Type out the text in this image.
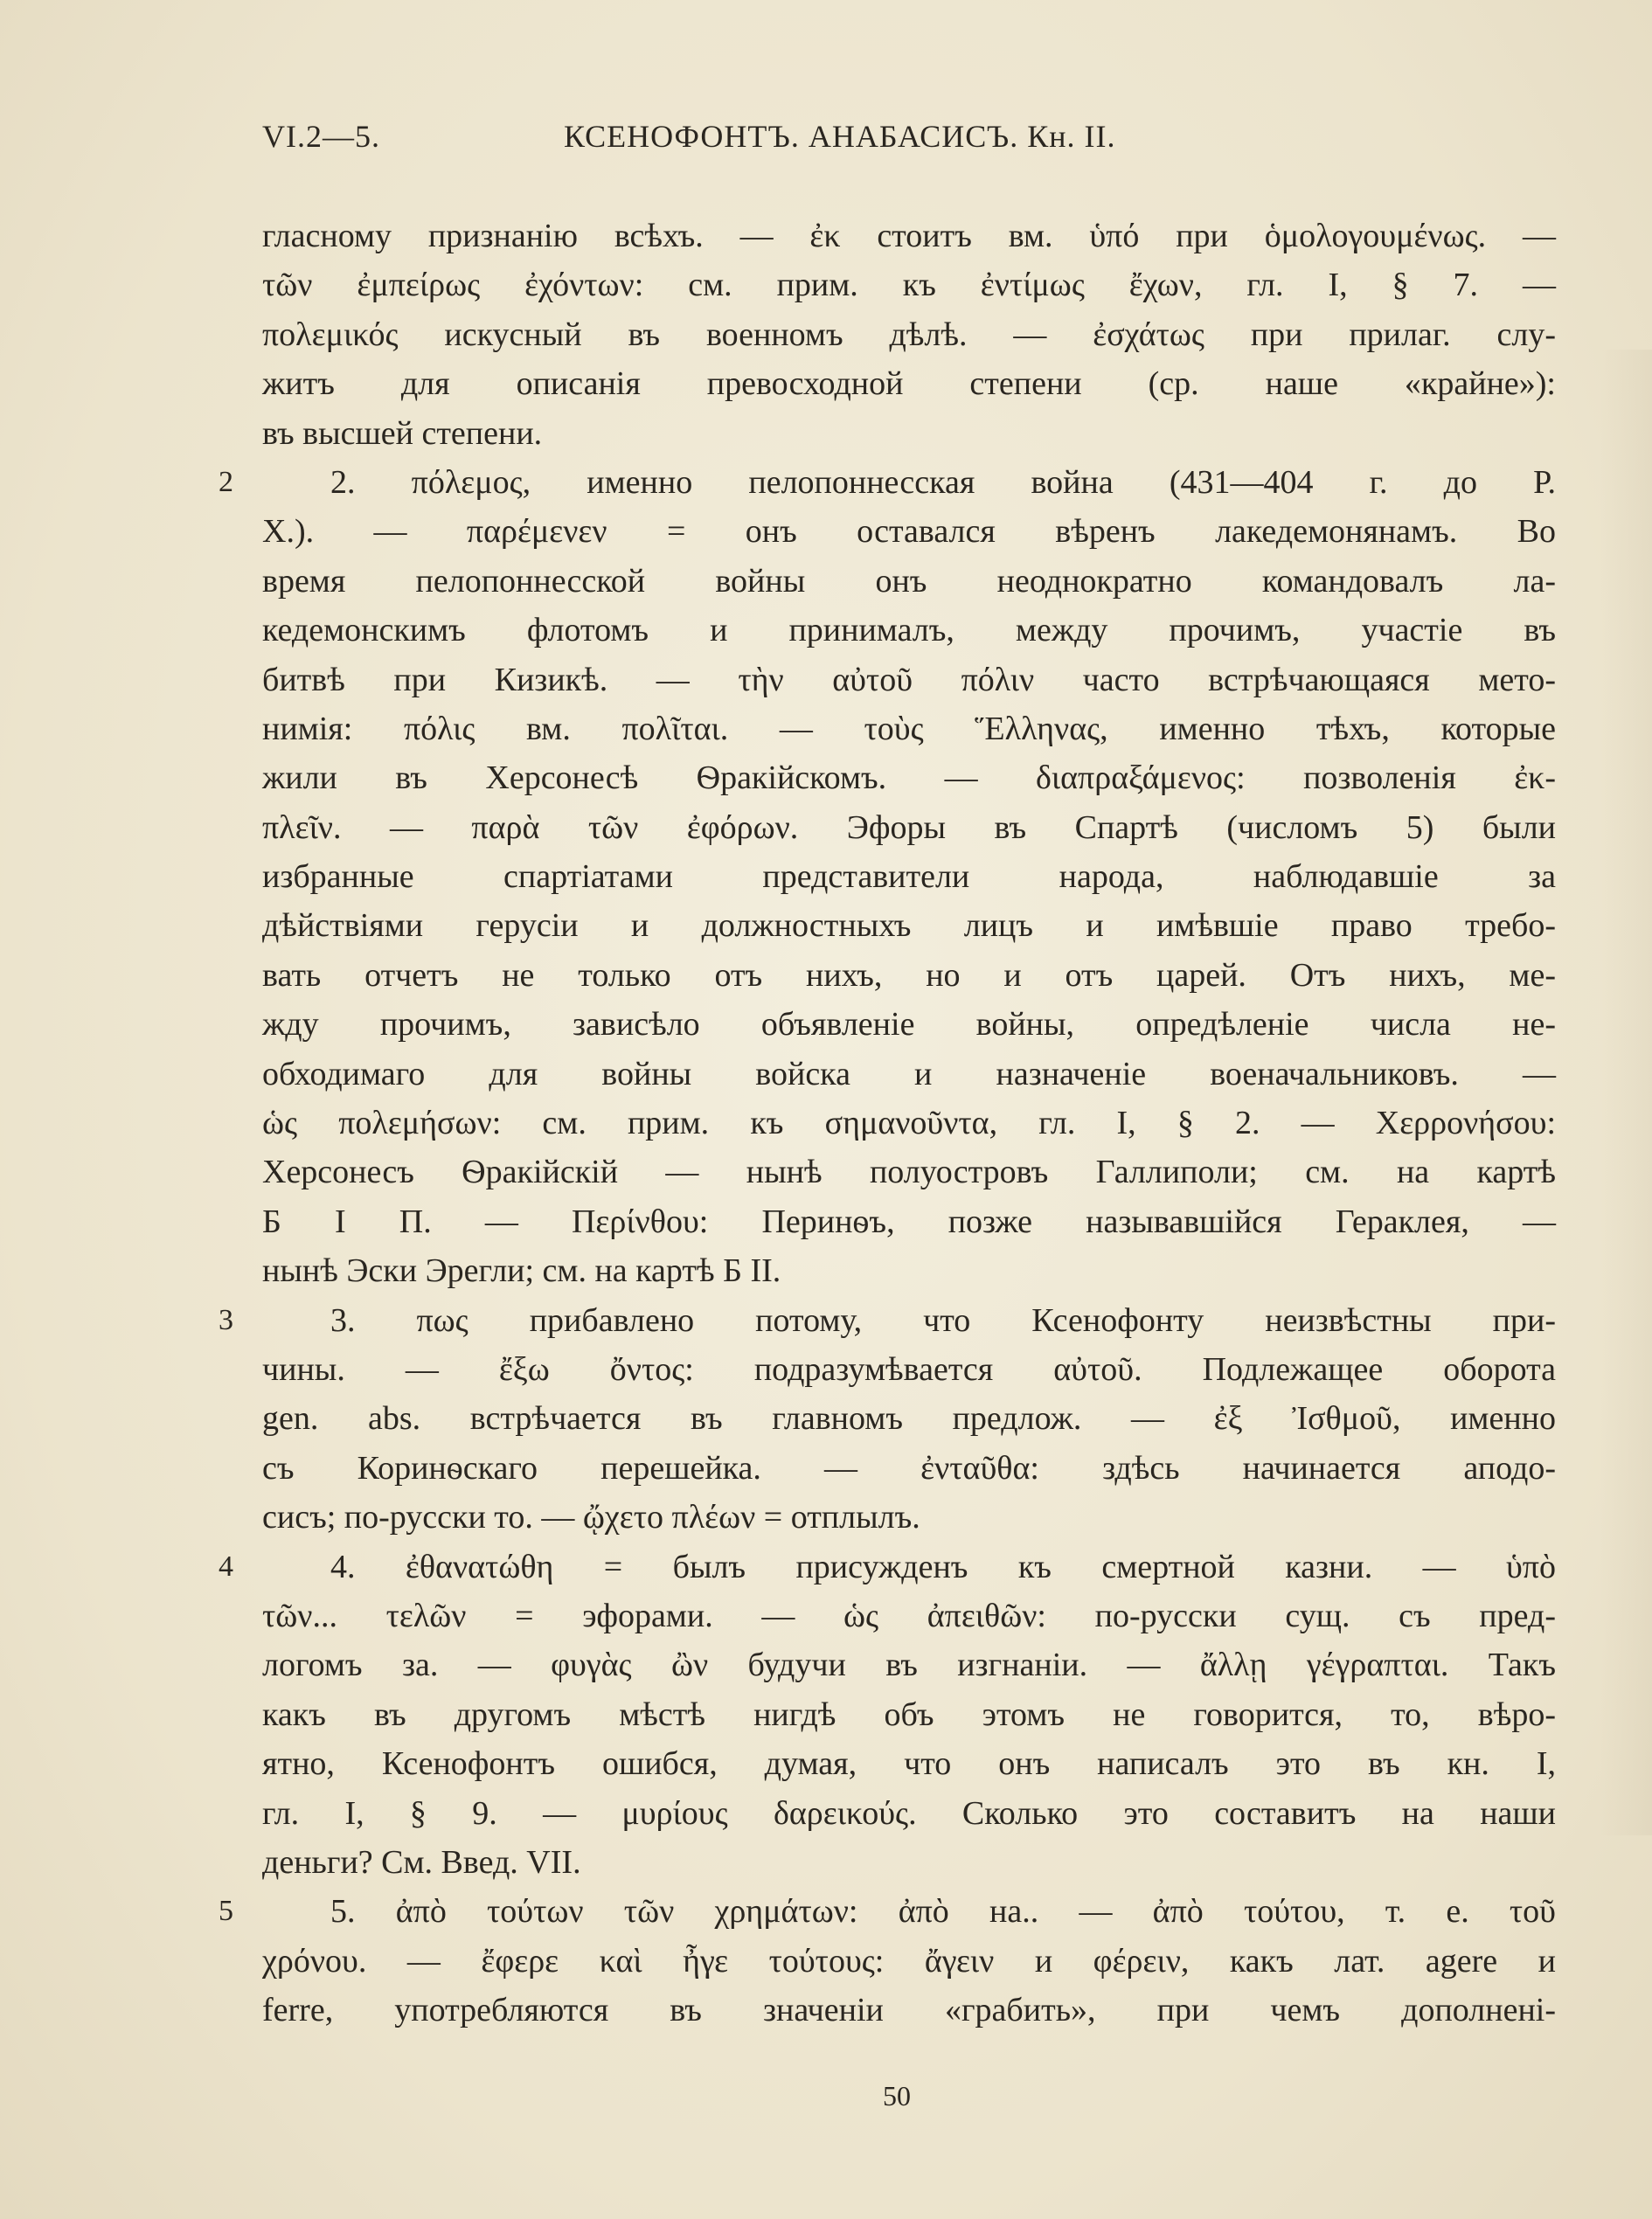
VI.2—5.	КСЕНОФОНТЪ. АНАБАСИСЪ. Кн. II.
гласному признанію всѣхъ. — ἐκ стоитъ вм. ὑπό при ὁμολογουμένως. —
τῶν ἐμπείρως ἐχόντων: см. прим. къ ἐντίμως ἔχων, гл. I, § 7. —
πολεμικός искусный въ военномъ дѣлѣ. — ἐσχάτως при прилаг. слу-
житъ для описанія превосходной степени (ср. наше «крайне»):
въ высшей степени.
2	2. πόλεμος, именно пелопоннесская война (431—404 г. до Р.
Х.). — παρέμενεν = онъ оставался вѣренъ лакедемонянамъ. Во
время пелопоннесской войны онъ неоднократно командовалъ ла-
кедемонскимъ флотомъ и принималъ, между прочимъ, участіе въ
битвѣ при Кизикѣ. — τὴν αὐτοῦ πόλιν часто встрѣчающаяся мето-
нимія: πόλις вм. πολῖται. — τοὺς Ἕλληνας, именно тѣхъ, которые
жили въ Херсонесѣ Ѳракійскомъ. — διαπραξάμενος: позволенія ἐκ-
πλεῖν. — παρὰ τῶν ἐφόρων. Эфоры въ Спартѣ (числомъ 5) были
избранные спартіатами представители народа, наблюдавшіе за
дѣйствіями герусіи и должностныхъ лицъ и имѣвшіе право требо-
вать отчетъ не только отъ нихъ, но и отъ царей. Отъ нихъ, ме-
жду прочимъ, зависѣло объявленіе войны, опредѣленіе числа не-
обходимаго для войны войска и назначеніе военачальниковъ. —
ὡς πολεμήσων: см. прим. къ σημανοῦντα, гл. I, § 2. — Χερρονήσου:
Херсонесъ Ѳракійскій — нынѣ полуостровъ Галлиполи; см. на картѣ
Б I П. — Περίνθου: Перинѳъ, позже называвшійся Гераклея, —
нынѣ Эски Эрегли; см. на картѣ Б II.
3	3. πως прибавлено потому, что Ксенофонту неизвѣстны при-
чины. — ἔξω ὄντος: подразумѣвается αὐτοῦ. Подлежащее оборота
gen. abs. встрѣчается въ главномъ предлож. — ἐξ Ἰσθμοῦ, именно
съ Коринѳскаго перешейка. — ἐνταῦθα: здѣсь начинается аподо-
сисъ; по-русски то. — ᾤχετο πλέων = отплылъ.
4	4. ἐθανατώθη = былъ присужденъ къ смертной казни. — ὑπὸ
τῶν... τελῶν = эфорами. — ὡς ἀπειθῶν: по-русски сущ. съ пред-
логомъ за. — φυγὰς ὢν будучи въ изгнаніи. — ἄλλῃ γέγραπται. Такъ
какъ въ другомъ мѣстѣ нигдѣ объ этомъ не говорится, то, вѣро-
ятно, Ксенофонтъ ошибся, думая, что онъ написалъ это въ кн. I,
гл. I, § 9. — μυρίους δαρεικούς. Сколько это составитъ на наши
деньги? См. Введ. VII.
5	5. ἀπὸ τούτων τῶν χρημάτων: ἀπὸ на.. — ἀπὸ τούτου, т. е. τοῦ
χρόνου. — ἔφερε καὶ ἦγε τούτους: ἄγειν и φέρειν, какъ лат. agere и
ferre, употребляются въ значеніи «грабить», при чемъ дополнені-
50
